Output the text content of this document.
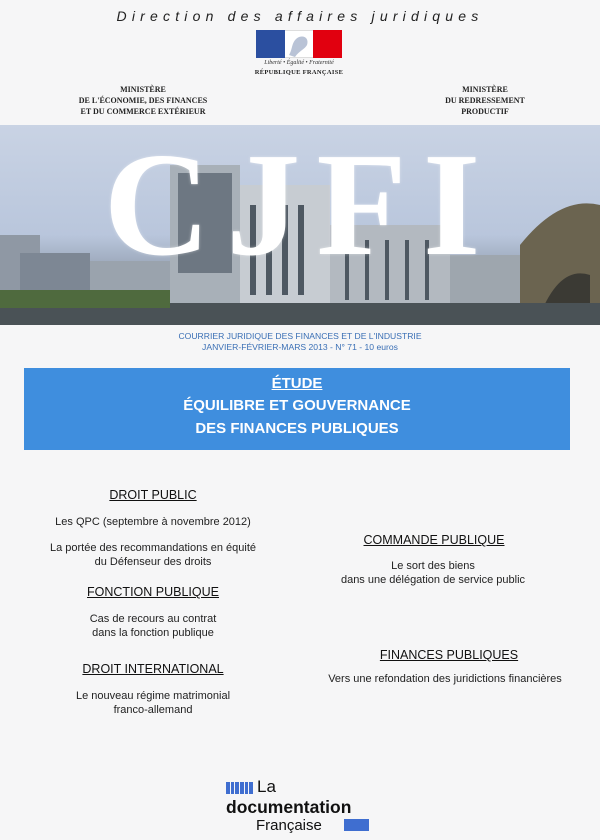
Direction des affaires juridiques
Liberté • Égalité • Fraternité
RÉPUBLIQUE FRANÇAISE
MINISTÈRE
DE L'ÉCONOMIE, DES FINANCES
ET DU COMMERCE EXTÉRIEUR
MINISTÈRE
DU REDRESSEMENT
PRODUCTIF
CJFI
COURRIER JURIDIQUE DES FINANCES ET DE L'INDUSTRIE
JANVIER-FÉVRIER-MARS 2013 - N° 71 - 10 euros
ÉTUDE
ÉQUILIBRE ET GOUVERNANCE
DES FINANCES PUBLIQUES
DROIT PUBLIC
Les QPC (septembre à novembre 2012)
La portée des recommandations en équité
du Défenseur des droits
FONCTION PUBLIQUE
Cas de recours au contrat
dans la fonction publique
DROIT INTERNATIONAL
Le nouveau régime matrimonial
franco-allemand
COMMANDE PUBLIQUE
Le sort des biens
dans une délégation de service public
FINANCES PUBLIQUES
Vers une refondation des juridictions financières
La
documentation
Française
